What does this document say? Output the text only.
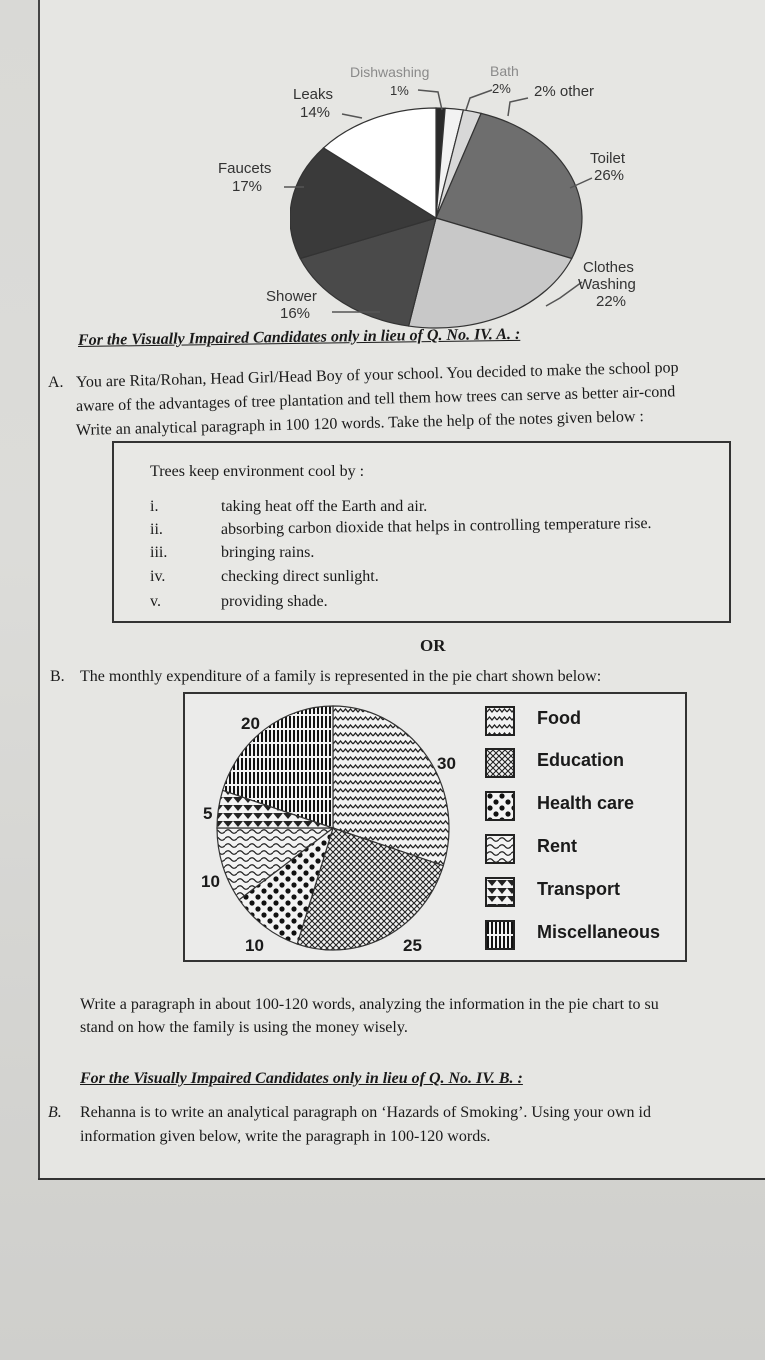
Dishwashing
1%
Bath
2% 2% other
Leaks
14%
Faucets
17%
Toilet
26%
Clothes
Washing
22%
Shower
16%
For the Visually Impaired Candidates only in lieu of Q. No. IV. A. :
A. You are Rita/Rohan, Head Girl/Head Boy of your school. You decided to make the school pop
aware of the advantages of tree plantation and tell them how trees can serve as better air-cond
Write an analytical paragraph in 100 120 words. Take the help of the notes given below :
Trees keep environment cool by :
i.	taking heat off the Earth and air.
ii.	absorbing carbon dioxide that helps in controlling temperature rise.
iii.	bringing rains.
iv.	checking direct sunlight.
v.	providing shade.
OR
B. The monthly expenditure of a family is represented in the pie chart shown below:
20
30
5
10
10	25
Food
Education
Health care
Rent
Transport
Miscellaneous
Write a paragraph in about 100-120 words, analyzing the information in the pie chart to su
stand on how the family is using the money wisely.
For the Visually Impaired Candidates only in lieu of Q. No. IV. B. :
B. Rehanna is to write an analytical paragraph on ‘Hazards of Smoking’. Using your own id
information given below, write the paragraph in 100-120 words.
